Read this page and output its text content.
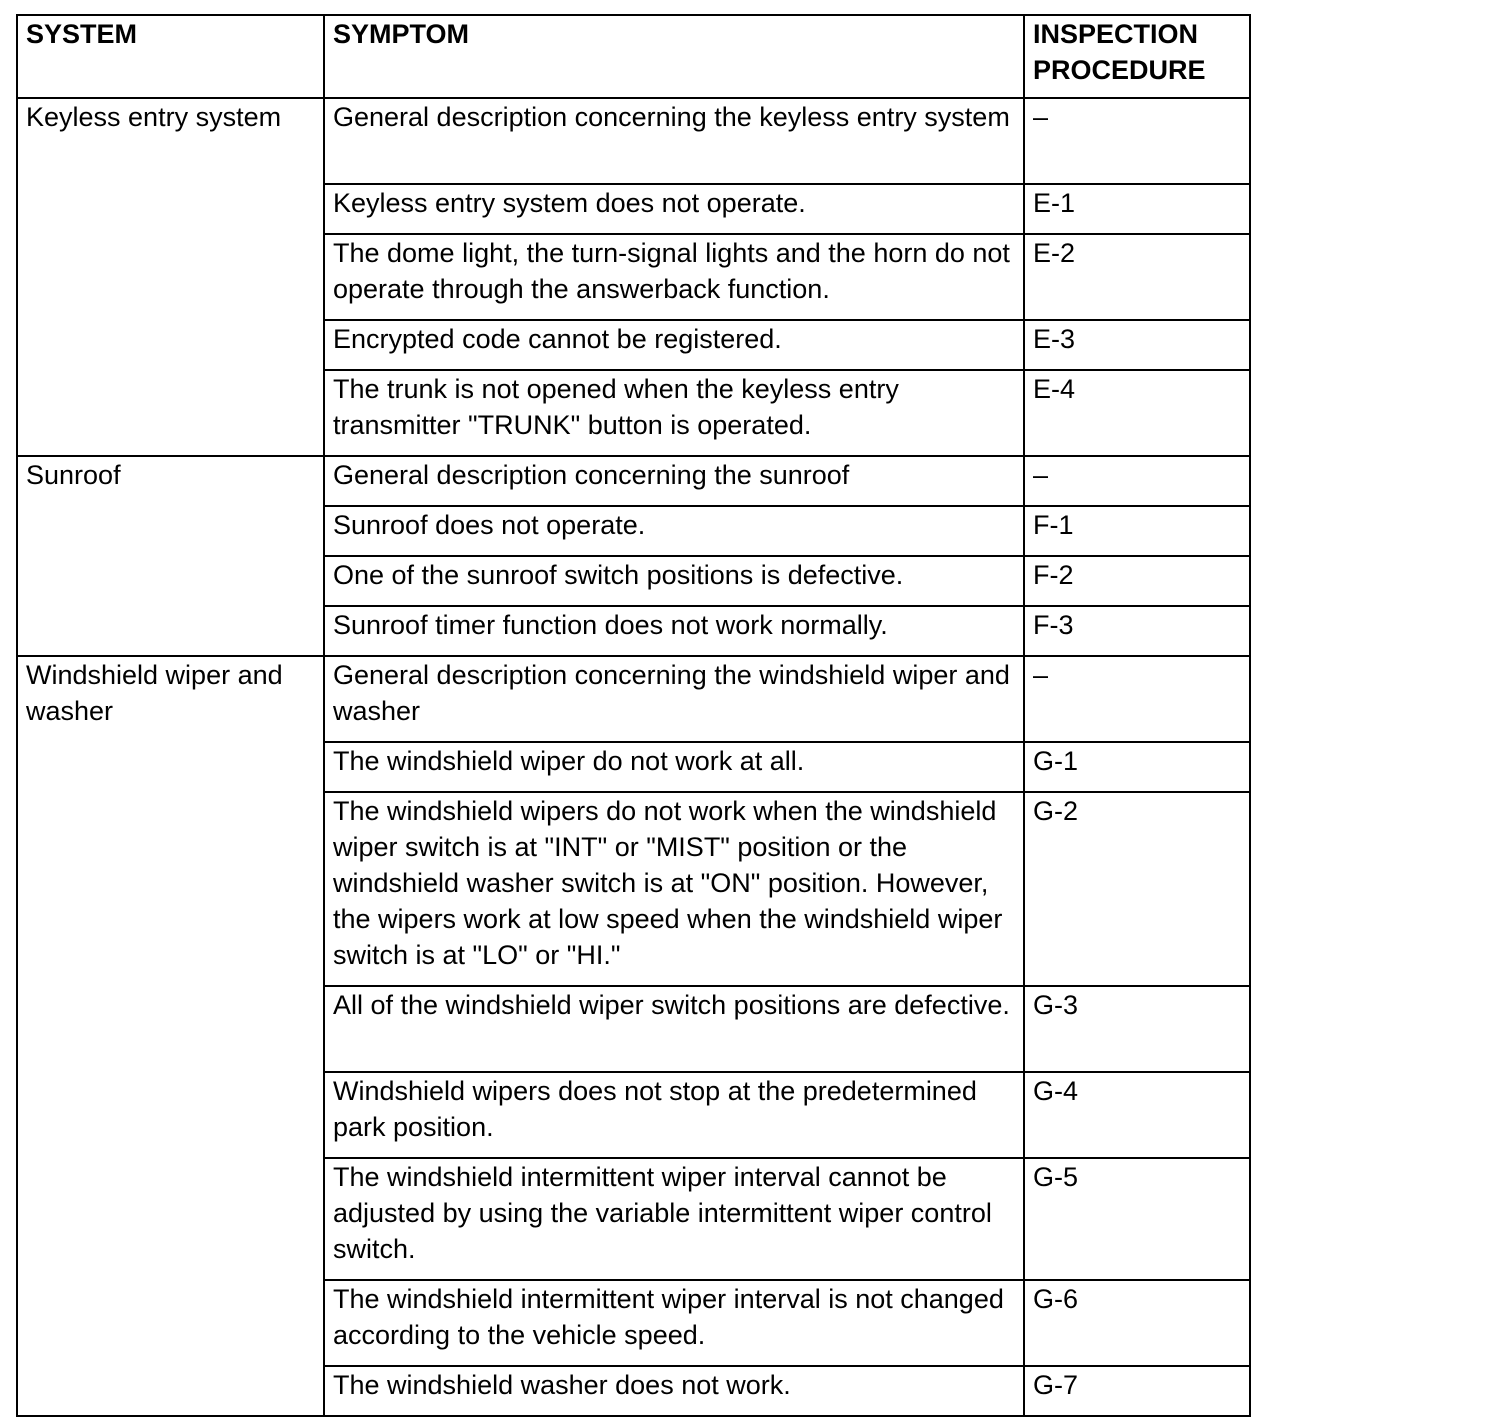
SYSTEM	SYMPTOM	INSPECTION PROCEDURE
Keyless entry system	General description concerning the keyless entry system	–
	Keyless entry system does not operate.	E-1
	The dome light, the turn-signal lights and the horn do not operate through the answerback function.	E-2
	Encrypted code cannot be registered.	E-3
	The trunk is not opened when the keyless entry transmitter "TRUNK" button is operated.	E-4
Sunroof	General description concerning the sunroof	–
	Sunroof does not operate.	F-1
	One of the sunroof switch positions is defective.	F-2
	Sunroof timer function does not work normally.	F-3
Windshield wiper and washer	General description concerning the windshield wiper and washer	–
	The windshield wiper do not work at all.	G-1
	The windshield wipers do not work when the windshield wiper switch is at "INT" or "MIST" position or the windshield washer switch is at "ON" position. However, the wipers work at low speed when the windshield wiper switch is at "LO" or "HI."	G-2
	All of the windshield wiper switch positions are defective.	G-3
	Windshield wipers does not stop at the predetermined park position.	G-4
	The windshield intermittent wiper interval cannot be adjusted by using the variable intermittent wiper control switch.	G-5
	The windshield intermittent wiper interval is not changed according to the vehicle speed.	G-6
	The windshield washer does not work.	G-7
